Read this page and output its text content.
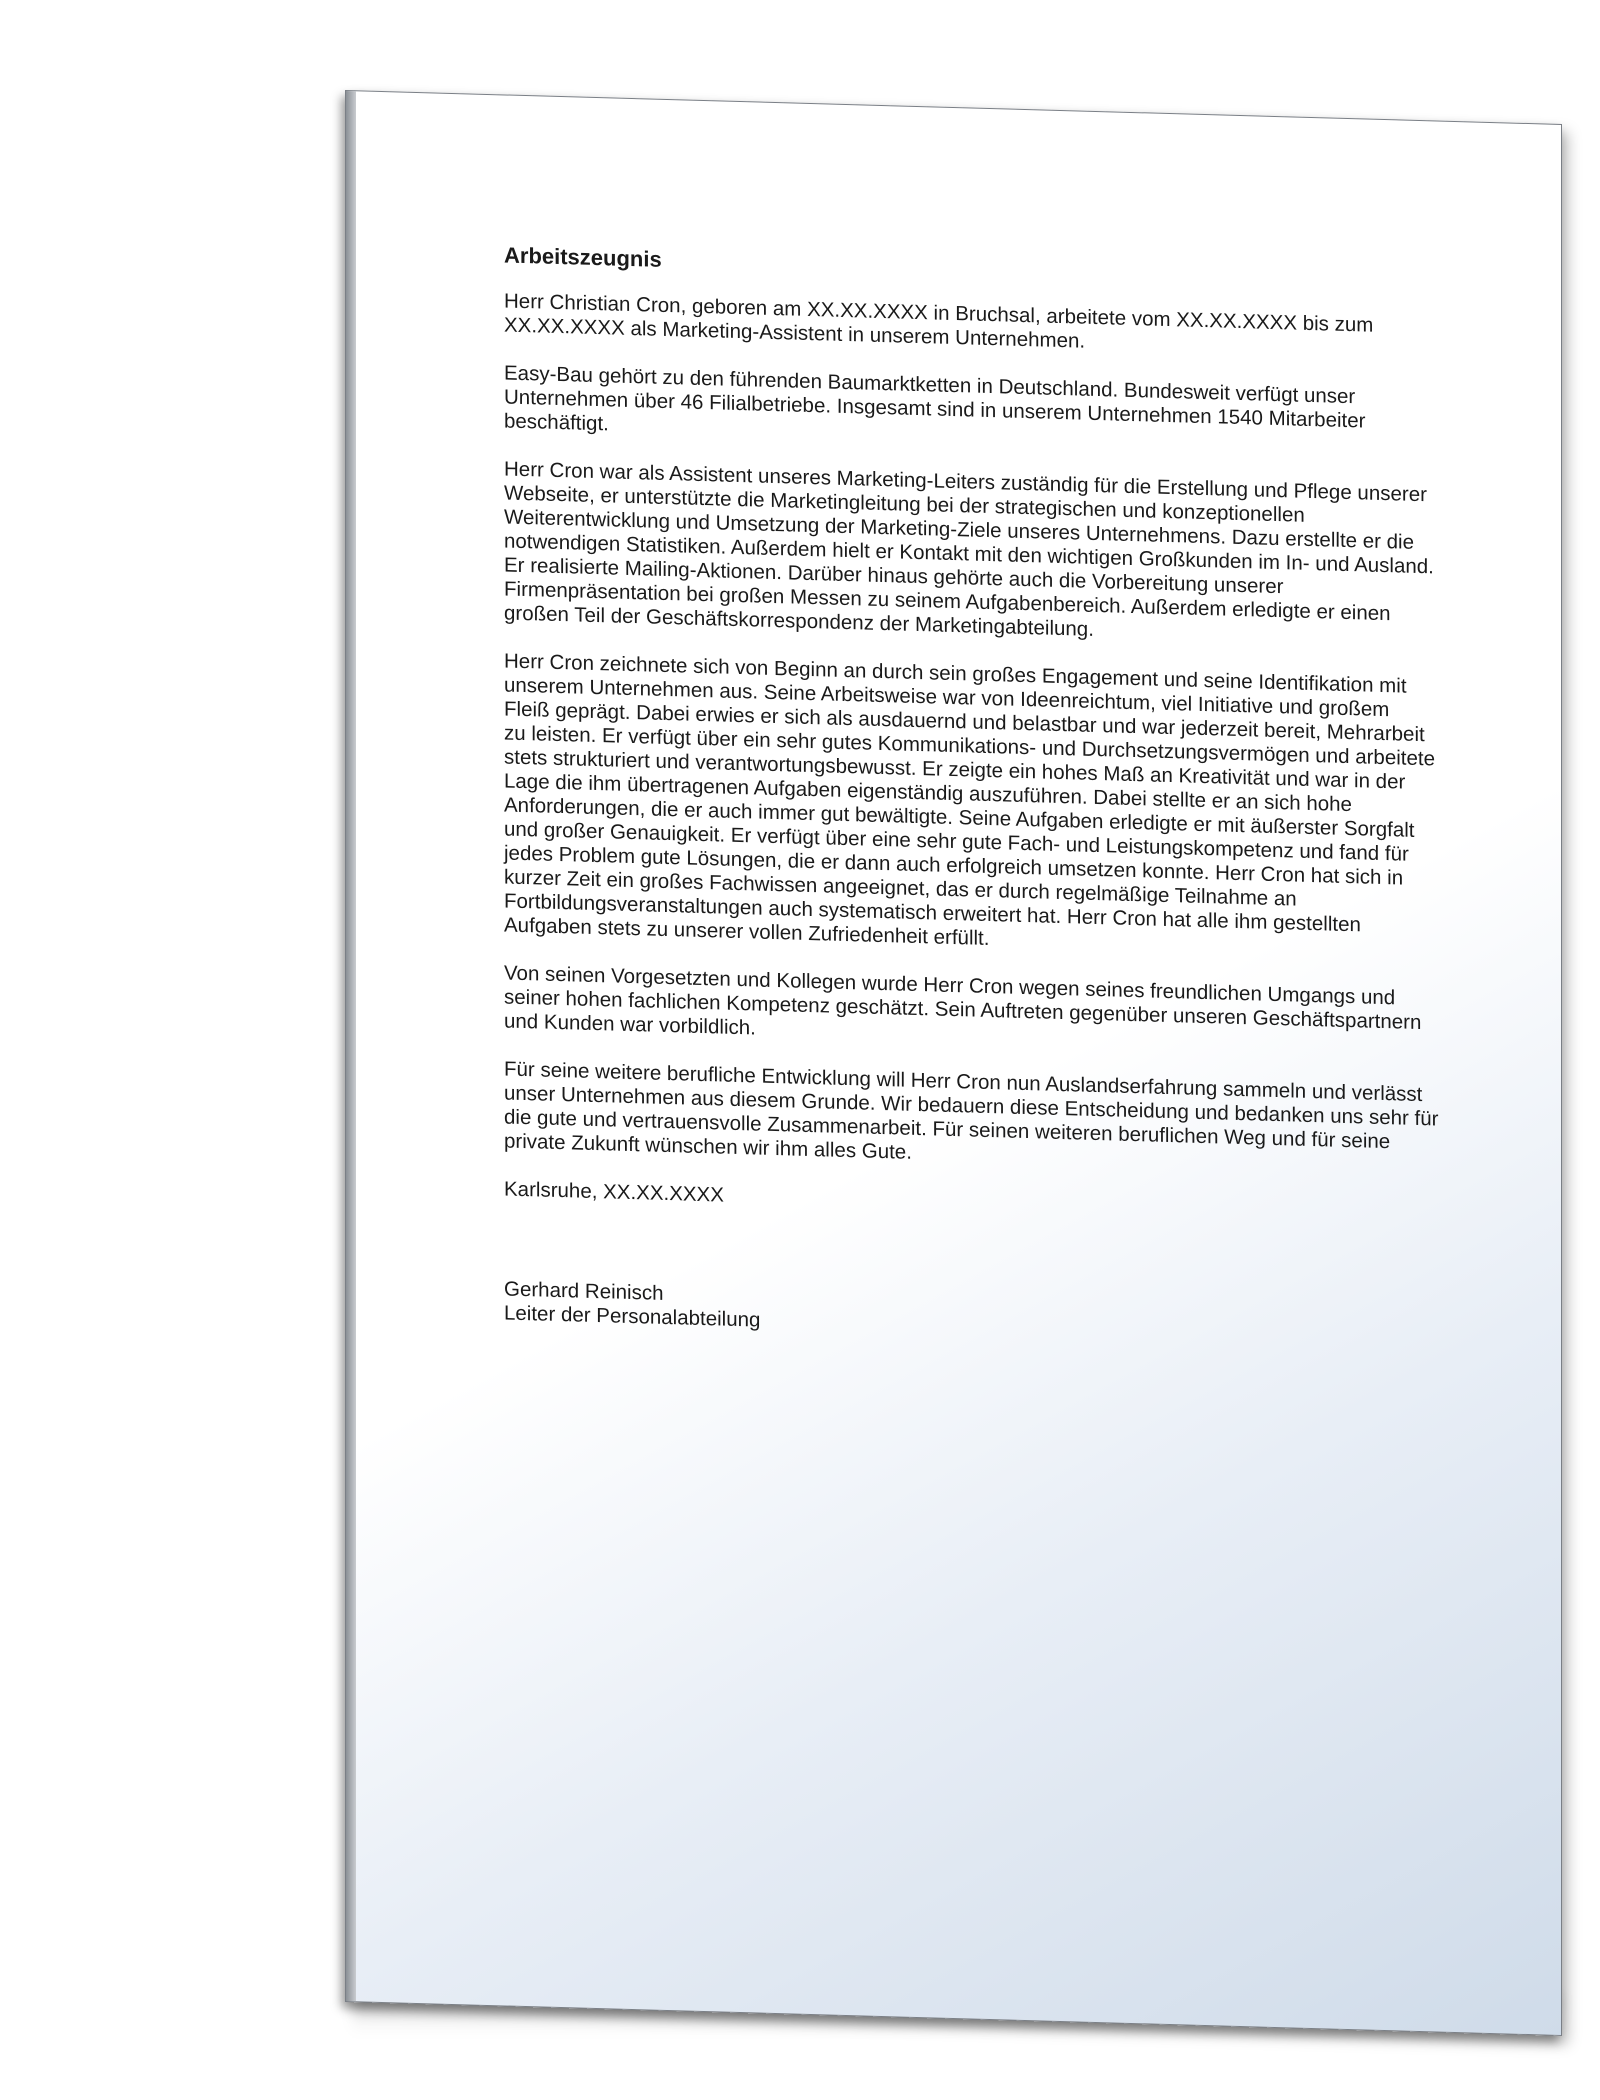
Arbeitszeugnis

Herr Christian Cron, geboren am XX.XX.XXXX in Bruchsal, arbeitete vom XX.XX.XXXX bis zum XX.XX.XXXX als Marketing-Assistent in unserem Unternehmen.

Easy-Bau gehört zu den führenden Baumarktketten in Deutschland. Bundesweit verfügt unser Unternehmen über 46 Filialbetriebe. Insgesamt sind in unserem Unternehmen 1540 Mitarbeiter beschäftigt.

Herr Cron war als Assistent unseres Marketing-Leiters zuständig für die Erstellung und Pflege unserer Webseite, er unterstützte die Marketingleitung bei der strategischen und konzeptionellen Weiterentwicklung und Umsetzung der Marketing-Ziele unseres Unternehmens. Dazu erstellte er die notwendigen Statistiken. Außerdem hielt er Kontakt mit den wichtigen Großkunden im In- und Ausland. Er realisierte Mailing-Aktionen. Darüber hinaus gehörte auch die Vorbereitung unserer Firmenpräsentation bei großen Messen zu seinem Aufgabenbereich. Außerdem erledigte er einen großen Teil der Geschäftskorrespondenz der Marketingabteilung.

Herr Cron zeichnete sich von Beginn an durch sein großes Engagement und seine Identifikation mit unserem Unternehmen aus. Seine Arbeitsweise war von Ideenreichtum, viel Initiative und großem Fleiß geprägt. Dabei erwies er sich als ausdauernd und belastbar und war jederzeit bereit, Mehrarbeit zu leisten. Er verfügt über ein sehr gutes Kommunikations- und Durchsetzungsvermögen und arbeitete stets strukturiert und verantwortungsbewusst. Er zeigte ein hohes Maß an Kreativität und war in der Lage die ihm übertragenen Aufgaben eigenständig auszuführen. Dabei stellte er an sich hohe Anforderungen, die er auch immer gut bewältigte. Seine Aufgaben erledigte er mit äußerster Sorgfalt und großer Genauigkeit. Er verfügt über eine sehr gute Fach- und Leistungskompetenz und fand für jedes Problem gute Lösungen, die er dann auch erfolgreich umsetzen konnte. Herr Cron hat sich in kurzer Zeit ein großes Fachwissen angeeignet, das er durch regelmäßige Teilnahme an Fortbildungsveranstaltungen auch systematisch erweitert hat. Herr Cron hat alle ihm gestellten Aufgaben stets zu unserer vollen Zufriedenheit erfüllt.

Von seinen Vorgesetzten und Kollegen wurde Herr Cron wegen seines freundlichen Umgangs und seiner hohen fachlichen Kompetenz geschätzt. Sein Auftreten gegenüber unseren Geschäftspartnern und Kunden war vorbildlich.

Für seine weitere berufliche Entwicklung will Herr Cron nun Auslandserfahrung sammeln und verlässt unser Unternehmen aus diesem Grunde. Wir bedauern diese Entscheidung und bedanken uns sehr für die gute und vertrauensvolle Zusammenarbeit. Für seinen weiteren beruflichen Weg und für seine private Zukunft wünschen wir ihm alles Gute.

Karlsruhe, XX.XX.XXXX

Gerhard Reinisch

Leiter der Personalabteilung
